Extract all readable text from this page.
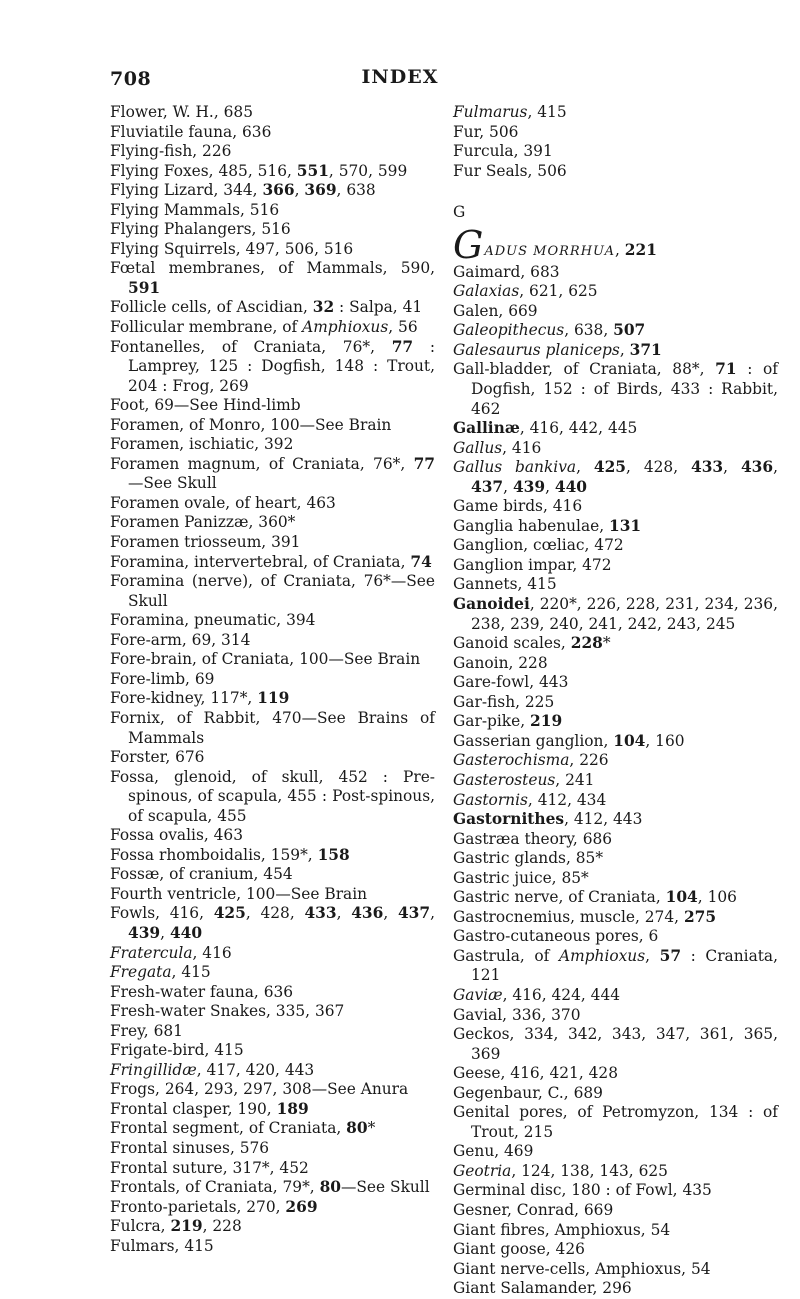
708	INDEX
Flower, W. H., 685
Fluviatile fauna, 636
Flying-fish, 226
Flying Foxes, 485, 516, 551, 570, 599
Flying Lizard, 344, 366, 369, 638
Flying Mammals, 516
Flying Phalangers, 516
Flying Squirrels, 497, 506, 516
Fœtal membranes, of Mammals, 590, 591
Follicle cells, of Ascidian, 32 : Salpa, 41
Follicular membrane, of Amphioxus, 56
Fontanelles, of Craniata, 76*, 77 : Lamprey, 125 : Dogfish, 148 : Trout, 204 : Frog, 269
Foot, 69—See Hind-limb
Foramen, of Monro, 100—See Brain
Foramen, ischiatic, 392
Foramen magnum, of Craniata, 76*, 77 —See Skull
Foramen ovale, of heart, 463
Foramen Panizzæ, 360*
Foramen triosseum, 391
Foramina, intervertebral, of Craniata, 74
Foramina (nerve), of Craniata, 76*—See Skull
Foramina, pneumatic, 394
Fore-arm, 69, 314
Fore-brain, of Craniata, 100—See Brain
Fore-limb, 69
Fore-kidney, 117*, 119
Fornix, of Rabbit, 470—See Brains of Mammals
Forster, 676
Fossa, glenoid, of skull, 452 : Pre-spinous, of scapula, 455 : Post-spinous, of scapula, 455
Fossa ovalis, 463
Fossa rhomboidalis, 159*, 158
Fossæ, of cranium, 454
Fourth ventricle, 100—See Brain
Fowls, 416, 425, 428, 433, 436, 437, 439, 440
Fratercula, 416
Fregata, 415
Fresh-water fauna, 636
Fresh-water Snakes, 335, 367
Frey, 681
Frigate-bird, 415
Fringillidæ, 417, 420, 443
Frogs, 264, 293, 297, 308—See Anura
Frontal clasper, 190, 189
Frontal segment, of Craniata, 80*
Frontal sinuses, 576
Frontal suture, 317*, 452
Frontals, of Craniata, 79*, 80—See Skull
Fronto-parietals, 270, 269
Fulcra, 219, 228
Fulmars, 415
Fulmarus, 415
Fur, 506
Furcula, 391
Fur Seals, 506
G
G ADUS MORRHUA, 221
Gaimard, 683
Galaxias, 621, 625
Galen, 669
Galeopithecus, 638, 507
Galesaurus planiceps, 371
Gall-bladder, of Craniata, 88*, 71 : of Dogfish, 152 : of Birds, 433 : Rabbit, 462
Gallinæ, 416, 442, 445
Gallus, 416
Gallus bankiva, 425, 428, 433, 436, 437, 439, 440
Game birds, 416
Ganglia habenulae, 131
Ganglion, cœliac, 472
Ganglion impar, 472
Gannets, 415
Ganoidei, 220*, 226, 228, 231, 234, 236, 238, 239, 240, 241, 242, 243, 245
Ganoid scales, 228*
Ganoin, 228
Gare-fowl, 443
Gar-fish, 225
Gar-pike, 219
Gasserian ganglion, 104, 160
Gasterochisma, 226
Gasterosteus, 241
Gastornis, 412, 434
Gastornithes, 412, 443
Gastræa theory, 686
Gastric glands, 85*
Gastric juice, 85*
Gastric nerve, of Craniata, 104, 106
Gastrocnemius, muscle, 274, 275
Gastro-cutaneous pores, 6
Gastrula, of Amphioxus, 57 : Craniata, 121
Gaviæ, 416, 424, 444
Gavial, 336, 370
Geckos, 334, 342, 343, 347, 361, 365, 369
Geese, 416, 421, 428
Gegenbaur, C., 689
Genital pores, of Petromyzon, 134 : of Trout, 215
Genu, 469
Geotria, 124, 138, 143, 625
Germinal disc, 180 : of Fowl, 435
Gesner, Conrad, 669
Giant fibres, Amphioxus, 54
Giant goose, 426
Giant nerve-cells, Amphioxus, 54
Giant Salamander, 296
